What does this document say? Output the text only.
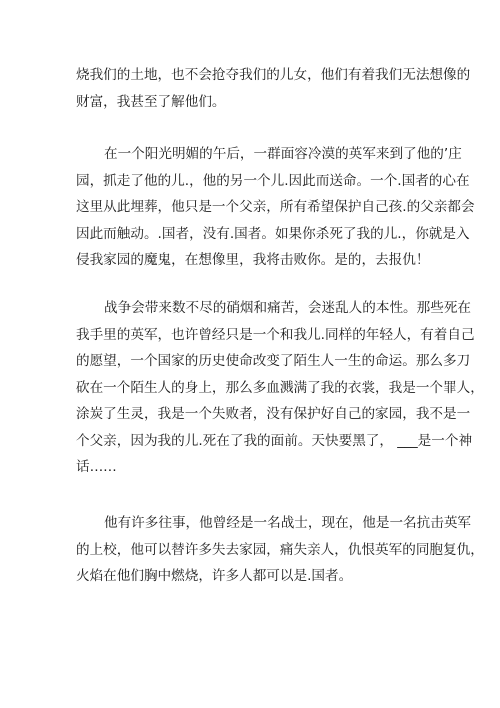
烧我们的土地，也不会抢夺我们的儿女，他们有着我们无法想像的
财富，我甚至了解他们。
在一个阳光明媚的午后，一群面容冷漠的英军来到了他的’庄
园，抓走了他的儿.，他的另一个儿.因此而送命。一个.国者的心在
这里从此埋葬，他只是一个父亲，所有希望保护自己孩.的父亲都会
因此而触动。.国者，没有.国者。如果你杀死了我的儿.，你就是入
侵我家园的魔鬼，在想像里，我将击败你。是的，去报仇！
战争会带来数不尽的硝烟和痛苦，会迷乱人的本性。那些死在
我手里的英军，也许曾经只是一个和我儿.同样的年轻人，有着自己
的愿望，一个国家的历史使命改变了陌生人一生的命运。那么多刀
砍在一个陌生人的身上，那么多血溅满了我的衣裳，我是一个罪人，
涂炭了生灵，我是一个失败者，没有保护好自己的家园，我不是一
个父亲，因为我的儿.死在了我的面前。天快要黑了， ___是一个神
话……
他有许多往事，他曾经是一名战士，现在，他是一名抗击英军
的上校，他可以替许多失去家园，痛失亲人，仇恨英军的同胞复仇，
火焰在他们胸中燃烧，许多人都可以是.国者。
